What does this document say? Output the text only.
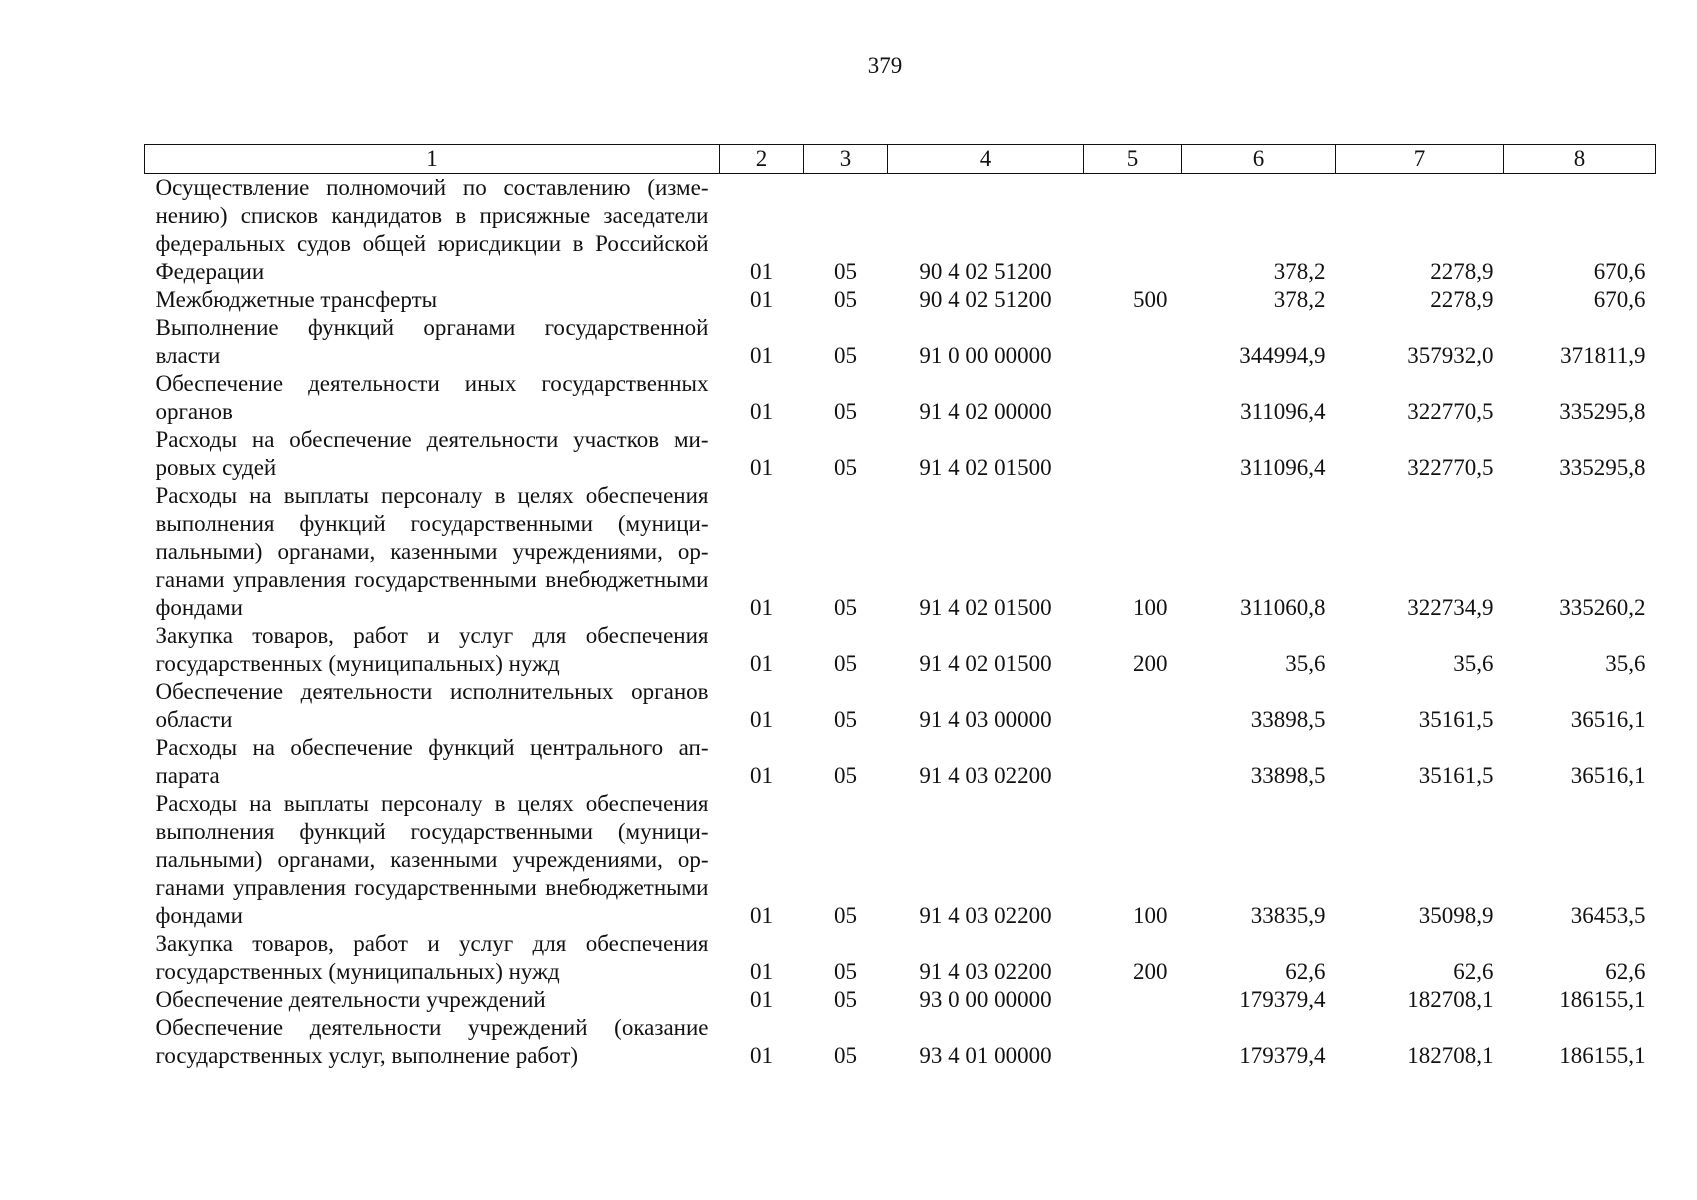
379
1	2	3	4	5	6	7	8
Осуществление полномочий по составлению (изменению) списков кандидатов в присяжные заседатели федеральных судов общей юрисдикции в Российской Федерации	01	05	90 4 02 51200		378,2	2278,9	670,6
Межбюджетные трансферты	01	05	90 4 02 51200	500	378,2	2278,9	670,6
Выполнение функций органами государственной власти	01	05	91 0 00 00000		344994,9	357932,0	371811,9
Обеспечение деятельности иных государственных органов	01	05	91 4 02 00000		311096,4	322770,5	335295,8
Расходы на обеспечение деятельности участков мировых судей	01	05	91 4 02 01500		311096,4	322770,5	335295,8
Расходы на выплаты персоналу в целях обеспечения выполнения функций государственными (муниципальными) органами, казенными учреждениями, органами управления государственными внебюджетными фондами	01	05	91 4 02 01500	100	311060,8	322734,9	335260,2
Закупка товаров, работ и услуг для обеспечения государственных (муниципальных) нужд	01	05	91 4 02 01500	200	35,6	35,6	35,6
Обеспечение деятельности исполнительных органов области	01	05	91 4 03 00000		33898,5	35161,5	36516,1
Расходы на обеспечение функций центрального аппарата	01	05	91 4 03 02200		33898,5	35161,5	36516,1
Расходы на выплаты персоналу в целях обеспечения выполнения функций государственными (муниципальными) органами, казенными учреждениями, органами управления государственными внебюджетными фондами	01	05	91 4 03 02200	100	33835,9	35098,9	36453,5
Закупка товаров, работ и услуг для обеспечения государственных (муниципальных) нужд	01	05	91 4 03 02200	200	62,6	62,6	62,6
Обеспечение деятельности учреждений	01	05	93 0 00 00000		179379,4	182708,1	186155,1
Обеспечение деятельности учреждений (оказание государственных услуг, выполнение работ)	01	05	93 4 01 00000		179379,4	182708,1	186155,1
